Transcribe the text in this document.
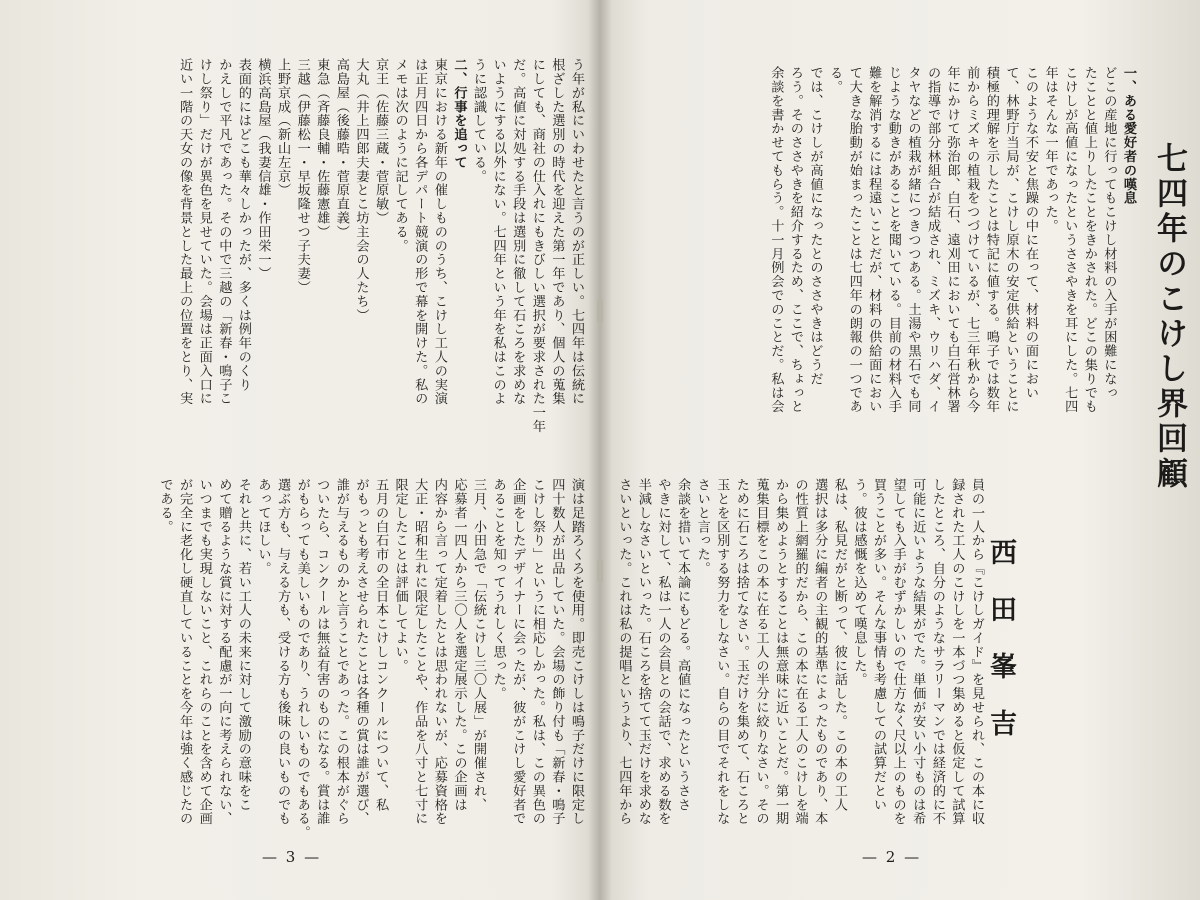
う年が私にいわせたと言うのが正しい。七四年は伝統に

根ざした選別の時代を迎えた第一年であり、個人の蒐集

にしても、商社の仕入れにもきびしい選択が要求された一年

だ。高値に対処する手段は選別に徹して石ころを求めな

いようにする以外にない。七四年という年を私はこのよ

うに認識している。

二、行事を追って

東京における新年の催しもののうち、こけし工人の実演

は正月四日から各デパート競演の形で幕を開けた。私の

メモは次のように記してある。

京王（佐藤三蔵・菅原敏）

大丸（井上四郎夫妻とこ坊主会の人たち）

高島屋（後藤晧・菅原直義）

東急（斉藤良輔・佐藤憲雄）

三越（伊藤松一・早坂隆せつ子夫妻）

上野京成（新山左京）

横浜高島屋（我妻信雄・作田栄一）

表面的にはどこも華々しかったが、多くは例年のくり

かえしで平凡であった。その中で三越の「新春・鳴子こ

けし祭り」だけが異色を見せていた。会場は正面入口に

近い一階の天女の像を背景とした最上の位置をとり、実

演は足踏ろくろを使用。即売こけしは鳴子だけに限定し

四十数人が出品していた。会場の飾り付も「新春・鳴子

こけし祭り」というに相応しかった。私は、この異色の

企画をしたデザイナーに会ったが、彼がこけし愛好者で

あることを知ってうれしく思った。

三月、小田急で「伝統こけし三〇人展」が開催され、

応募者一四人から三〇人を選定展示した。この企画は

内容から言って定着したとは思われないが、応募資格を

大正・昭和生れに限定したことや、作品を八寸と七寸に

限定したことは評価してよい。

五月の白石市の全日本こけしコンクールについて、私

がもっとも考えさせられたことは各種の賞は誰が選び、

誰が与えるものかと言うことであった。この根本がぐら

ついたら、コンクールは無益有害のものになる。賞は誰

がもらっても美しいものであり、うれしいものでもある。

選ぶ方も、与える方も、受ける方も後味の良いものでも

あってほしい。

それと共に、若い工人の未来に対して激励の意味をこ

めて贈るような賞に対する配慮が一向に考えられない、

いつまでも実現しないこと、これらのことを含めて企画

が完全に老化し硬直していることを今年は強く感じたの

である。

— 3 —
七四年のこけし界回顧

一、ある愛好者の嘆息

どこの産地に行ってもこけし材料の入手が困難になっ

たことと値上りしたことをきかされた。どこの集りでも

こけしが高値になったというささやきを耳にした。七四

年はそんな一年であった。

このような不安と焦躁の中に在って、材料の面におい

て、林野庁当局が、こけし原木の安定供給ということに

積極的理解を示したことは特記に値する。鳴子では数年

前からミズキの植栽をつづけているが、七三年秋から今

年にかけて弥治郎、白石、遠刈田においても白石営林署

の指導で部分林組合が結成され、ミズキ、ウリハダ、イ

タヤなどの植栽が緒につきつつある。土湯や黒石でも同

じような動きがあることを聞いている。目前の材料入手

難を解消するには程遠いことだが、材料の供給面におい

て大きな胎動が始まったことは七四年の朗報の一つであ

る。

では、こけしが高値になったとのささやきはどうだ

ろう。そのささやきを紹介するため、ここで、ちょっと

余談を書かせてもらう。十一月例会でのことだ。私は会

西田峯吉

員の一人から『こけしガイド』を見せられ、この本に収

録された工人のこけしを一本づつ集めると仮定して試算

したところ、自分のようなサラリーマンでは経済的に不

可能に近いような結果がでた。単価が安い小寸ものは希

望しても入手がむずかしいので仕方なく尺以上のものを

買うことが多い。そんな事情も考慮しての試算だとい

う。彼は感慨を込めて嘆息した。

私は、私見だがと断って、彼に話した。この本の工人

選択は多分に編者の主観的基準によったものであり、本

の性質上網羅的だから、この本に在る工人のこけしを端

から集めようとすることは無意味に近いことだ。第一期

蒐集目標をこの本に在る工人の半分に絞りなさい。その

ために石ころは捨てなさい。玉だけを集めて、石ころと

玉とを区別する努力をしなさい。自らの目でそれをしな

さいと言った。

余談を措いて本論にもどる。高値になったというささ

やきに対して、私は一人の会員との会話で、求める数を

半減しなさいといった。石ころを捨てて玉だけを求めな

さいといった。これは私の提唱というより、七四年から

— 2 —
